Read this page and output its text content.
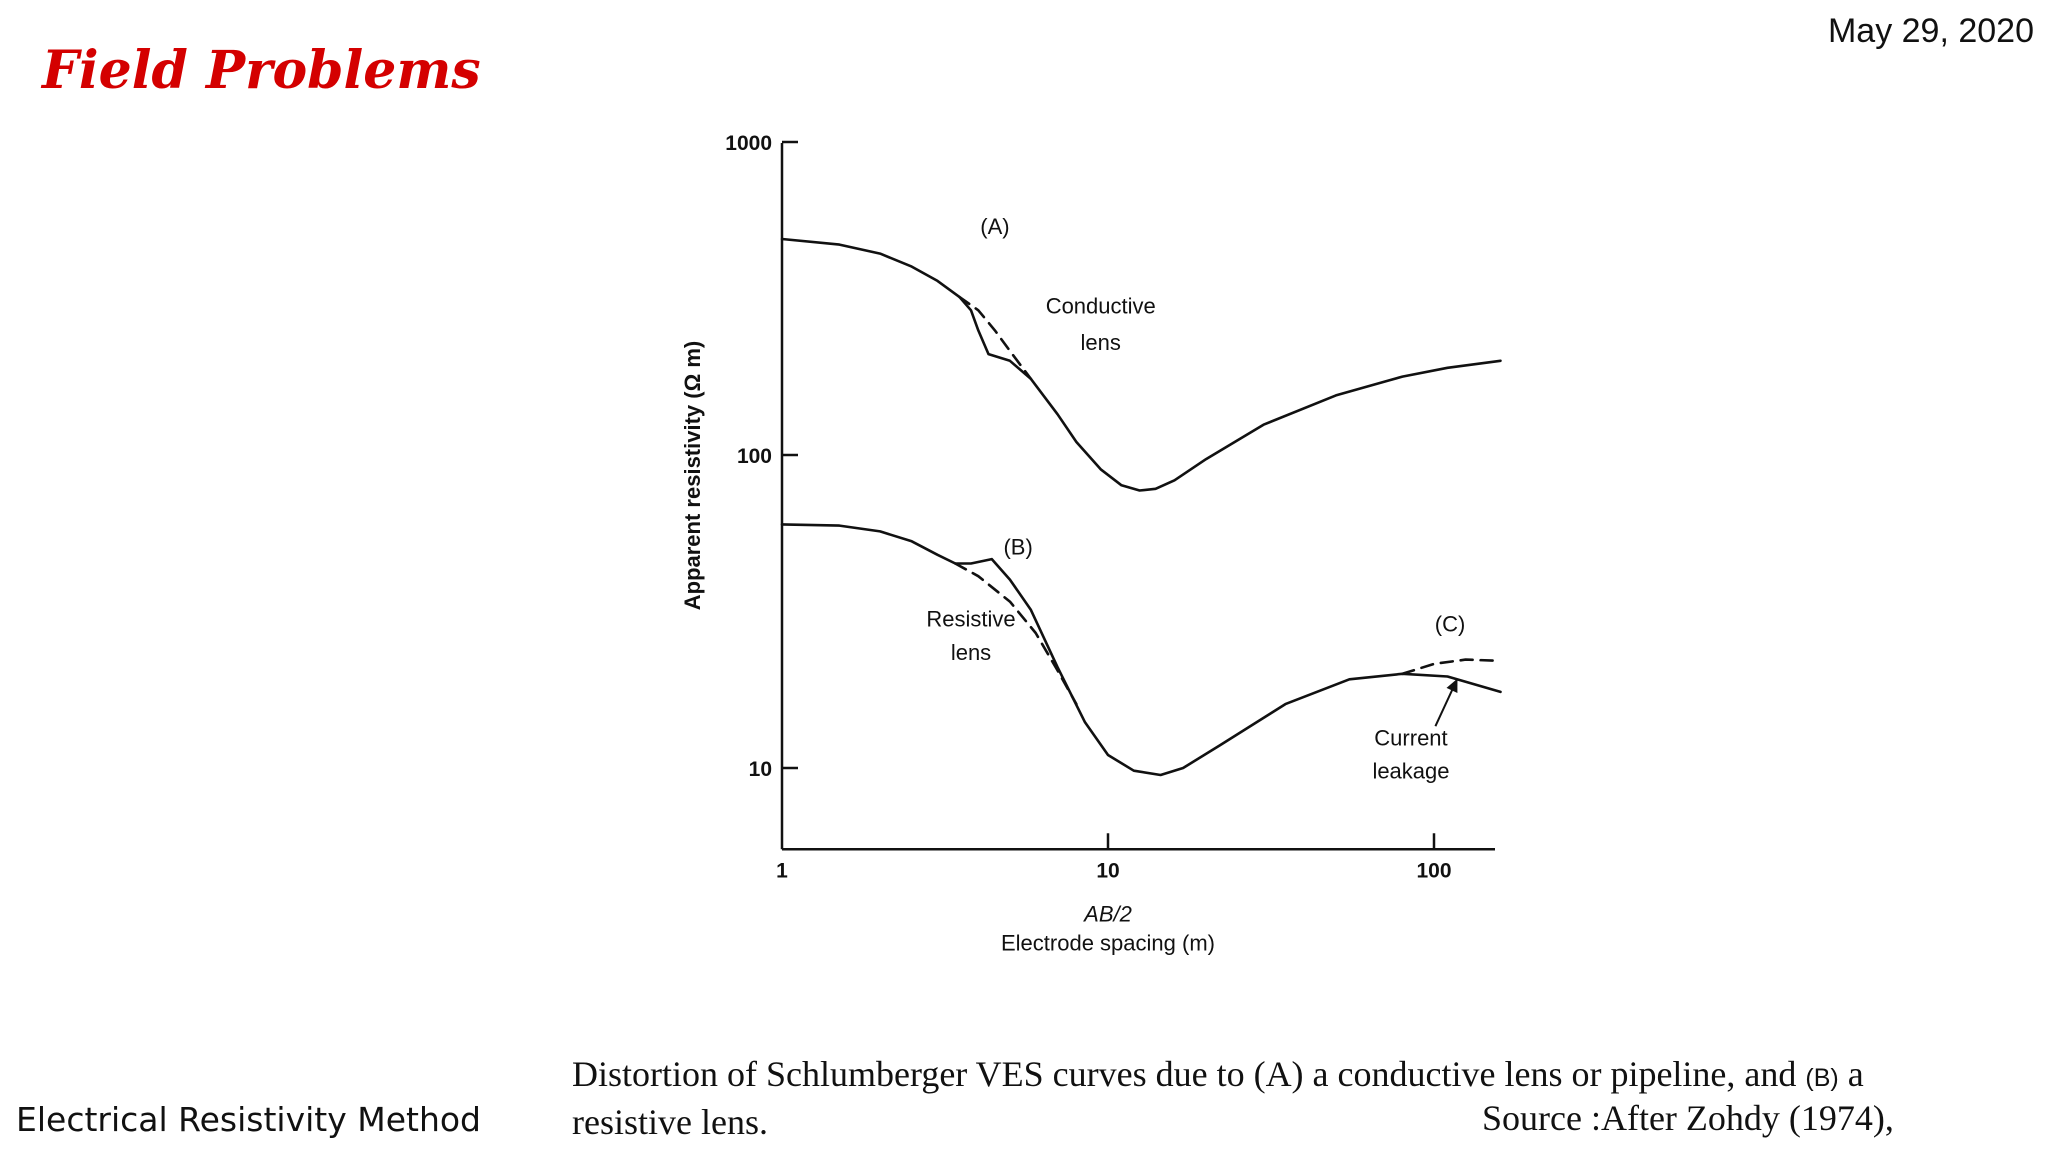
Field Problems
May 29, 2020
10
100
1000
1	10	100
(A)
Conductive
lens
(B)
Resistive
lens
(C)
Current
leakage
AB/2
Electrode spacing (m)
Apparent resistivity (Ω m)
Electrical Resistivity Method
Distortion of Schlumberger VES curves due to (A) a conductive lens or pipeline, and (B) a
resistive lens.	Source :After Zohdy (1974),
